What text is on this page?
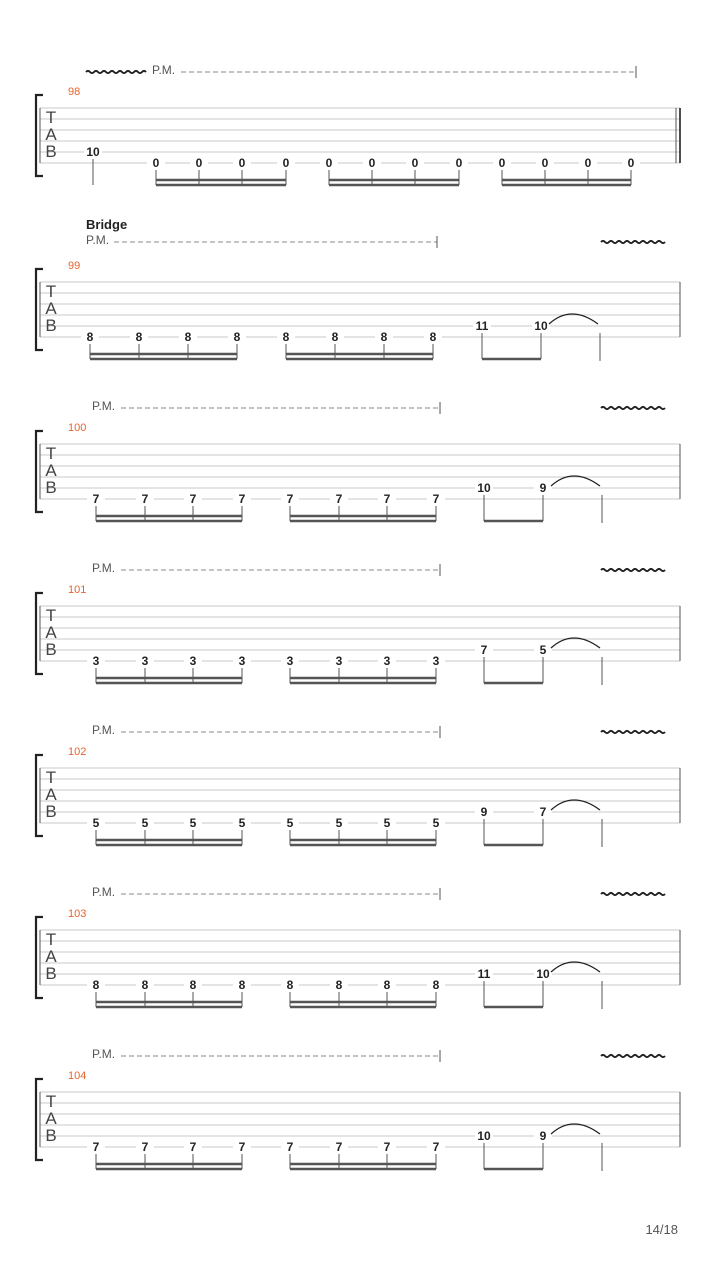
T
A
B
98
P.M.
10
0	0	0	0	0	0	0	0	0	0	0	0
T
A
B
99
Bridge
P.M.
8	8	8	8	8	8	8	8
11	10
T
A
B
100
P.M.
7	7	7	7	7	7	7	7
10	9
T
A
B
101
P.M.
3	3	3	3	3	3	3	3
7	5
T
A
B
102
P.M.
5	5	5	5	5	5	5	5
9	7
T
A
B
103
P.M.
8	8	8	8	8	8	8	8
11	10
T
A
B
104
P.M.
7	7	7	7	7	7	7	7
10	9
14/18
